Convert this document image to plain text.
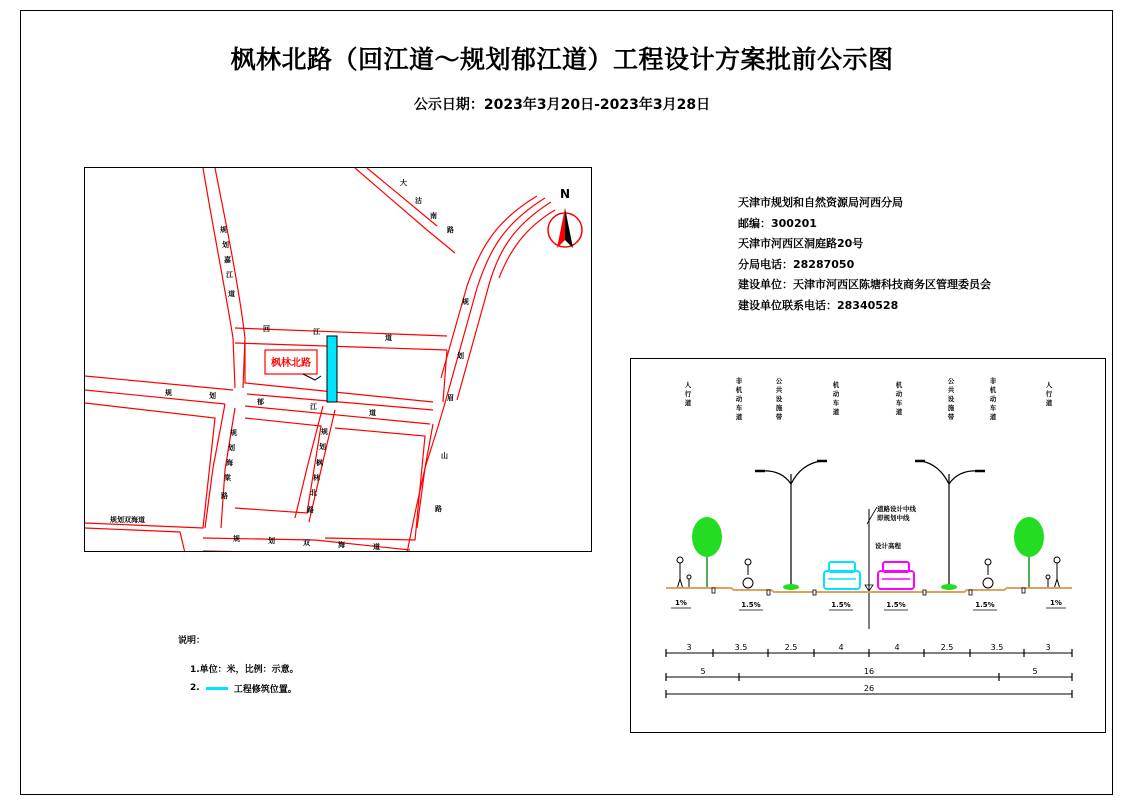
枫林北路（回江道～规划郁江道）工程设计方案批前公示图
公示日期：2023年3月20日-2023年3月28日
枫林北路
N
大
沽
南
路
规
划
回	江
道
规
划
嘉
江
道
规	划
郁
江
道
规
划
海
棠
路
规
划
枫
林
北
路
眉
山
路
规划双海道
规	划	双	海	道
天津市规划和自然资源局河西分局
邮编：300201
天津市河西区洞庭路20号
分局电话：28287050
建设单位：天津市河西区陈塘科技商务区管理委员会
建设单位联系电话：28340528
人
行
道
非
机
动
车
道
公
共
设
施
带
机
动
车
道
机
动
车
道
公
共
设
施
带
非
机
动
车
道
人
行
道
道路设计中线
即规划中线
设计高程
1%	1.5%	1.5%	1.5%	1.5%	1%
3	3.5	2.5	4	4	2.5	3.5	3
5	16	5
26
说明：
1.单位：米，比例：示意。
2.	工程修筑位置。
